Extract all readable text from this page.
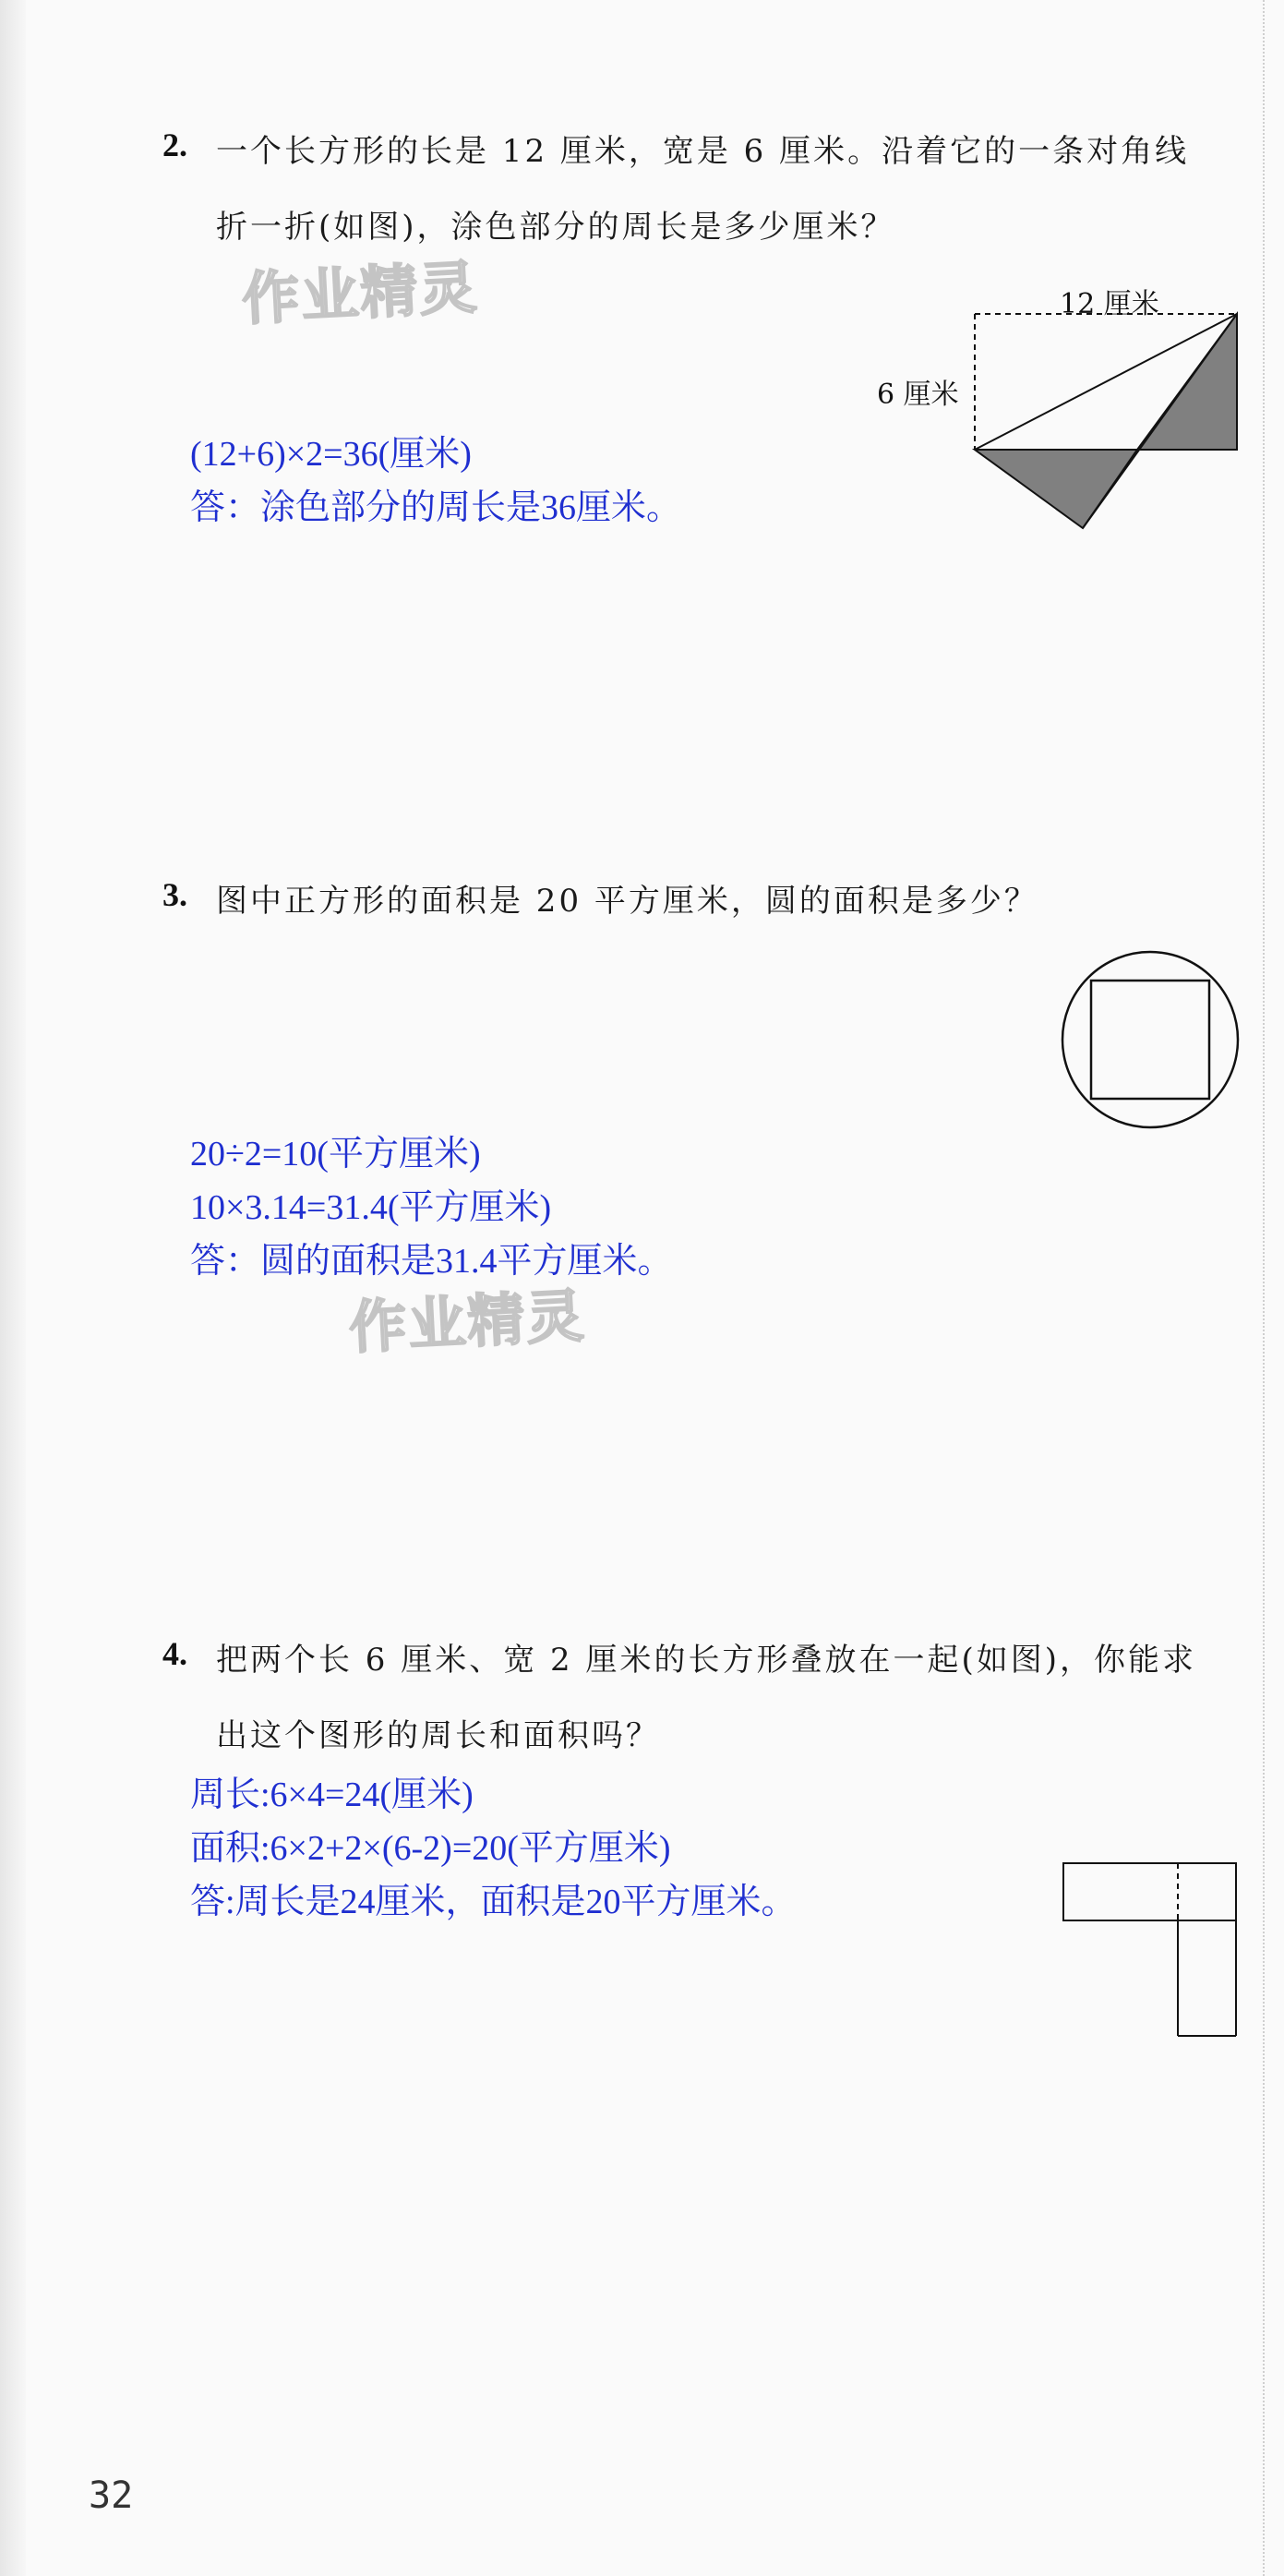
2. 一个长方形的长是 12 厘米，宽是 6 厘米。沿着它的一条对角线
折一折(如图)，涂色部分的周长是多少厘米？
作业精灵	12 厘米
6 厘米
(12+6)×2=36(厘米)
答：涂色部分的周长是36厘米。
3. 图中正方形的面积是 20 平方厘米，圆的面积是多少？
20÷2=10(平方厘米)
10×3.14=31.4(平方厘米)
答：圆的面积是31.4平方厘米。
作业精灵
4. 把两个长 6 厘米、宽 2 厘米的长方形叠放在一起(如图)，你能求
出这个图形的周长和面积吗？
周长:6×4=24(厘米)
面积:6×2+2×(6-2)=20(平方厘米)
答:周长是24厘米，面积是20平方厘米。
32
